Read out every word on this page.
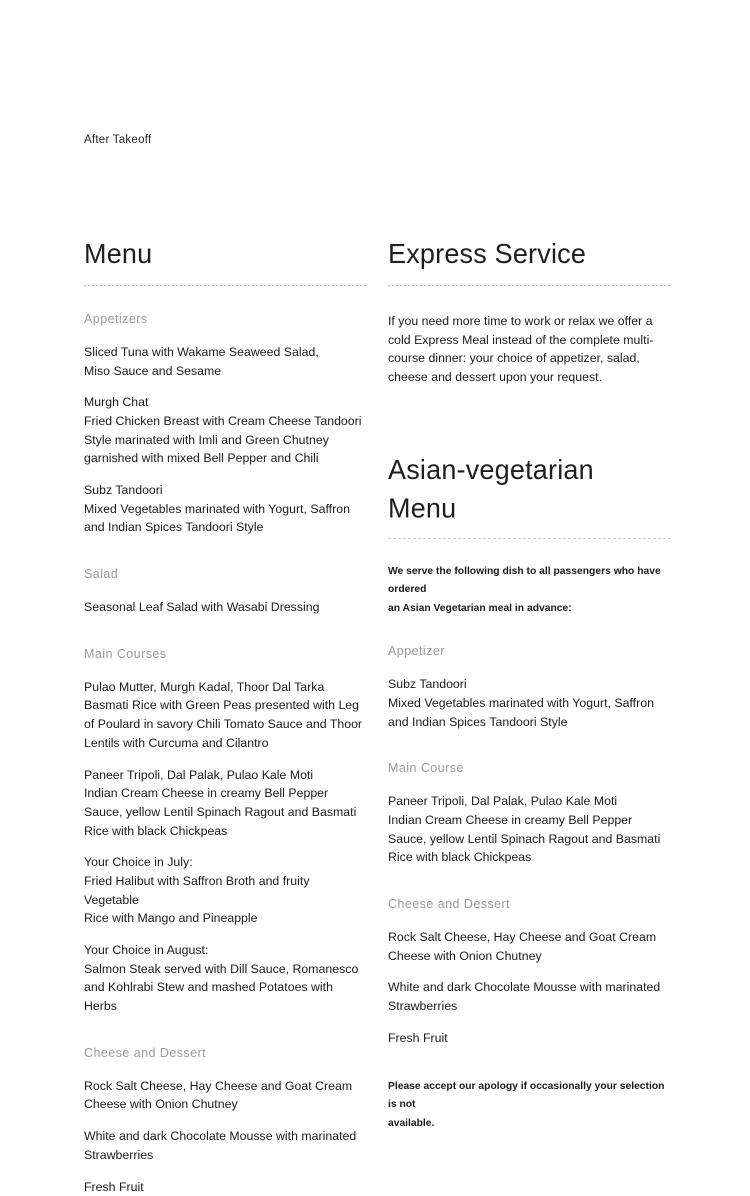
After Takeoff
Menu
Appetizers

Sliced Tuna with Wakame Seaweed Salad,
Miso Sauce and Sesame

Murgh Chat
Fried Chicken Breast with Cream Cheese Tandoori
Style marinated with Imli and Green Chutney
garnished with mixed Bell Pepper and Chili

Subz Tandoori
Mixed Vegetables marinated with Yogurt, Saffron
and Indian Spices Tandoori Style

Salad

Seasonal Leaf Salad with Wasabi Dressing

Main Courses

Pulao Mutter, Murgh Kadal, Thoor Dal Tarka
Basmati Rice with Green Peas presented with Leg
of Poulard in savory Chili Tomato Sauce and Thoor
Lentils with Curcuma and Cilantro

Paneer Tripoli, Dal Palak, Pulao Kale Moti
Indian Cream Cheese in creamy Bell Pepper
Sauce, yellow Lentil Spinach Ragout and Basmati
Rice with black Chickpeas

Your Choice in July:
Fried Halibut with Saffron Broth and fruity Vegetable
Rice with Mango and Pineapple

Your Choice in August:
Salmon Steak served with Dill Sauce, Romanesco
and Kohlrabi Stew and mashed Potatoes with Herbs

Cheese and Dessert

Rock Salt Cheese, Hay Cheese and Goat Cream
Cheese with Onion Chutney

White and dark Chocolate Mousse with marinated
Strawberries

Fresh Fruit

Express Service

If you need more time to work or relax we offer a
cold Express Meal instead of the complete multi-
course dinner: your choice of appetizer, salad,
cheese and dessert upon your request.

Asian-vegetarian
Menu

We serve the following dish to all passengers who have ordered
an Asian Vegetarian meal in advance:

Appetizer

Subz Tandoori
Mixed Vegetables marinated with Yogurt, Saffron
and Indian Spices Tandoori Style

Main Course

Paneer Tripoli, Dal Palak, Pulao Kale Moti
Indian Cream Cheese in creamy Bell Pepper
Sauce, yellow Lentil Spinach Ragout and Basmati
Rice with black Chickpeas

Cheese and Dessert

Rock Salt Cheese, Hay Cheese and Goat Cream
Cheese with Onion Chutney

White and dark Chocolate Mousse with marinated
Strawberries

Fresh Fruit

Please accept our apology if occasionally your selection is not
available.
